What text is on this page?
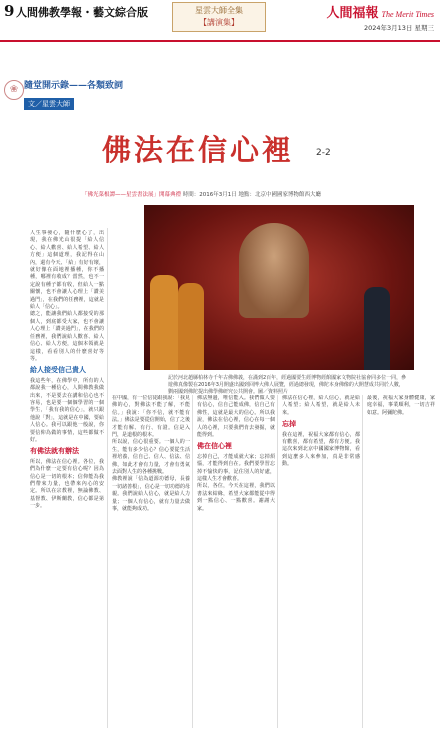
9 人間佛教學報・藝文綜合版	星雲大師全集
【講演集】
人間福報 The Merit Times
2024年3月13日 星期三
❀ 隨堂開示錄——各類致詞
文／星雲大師
佛法在信心裡 2-2
「佛光菜根譚——星雲書法展」開幕典禮 時間：2016年3月1日 地點：北京中國國家博物館西大廳
記於河北趙縣柏林寺千年古佛佛義，在滿到2百年，經過國要生經博物經館國家文物院社協會同多位一同，參遊佛真像製在2016年3月開盛出國到回博大佛人展覽，經過總發現，佛陀本身佛像的大開慧成共同於人數，劉兩國到佛陀提出佛學佛研究公共開會。圖／資料照片
人生事發心，隨什麼心了，出現，我在佛光山很提「給人信心、給人歡喜、給人希望、給人方便」這個道理，我記得在山內，還有今天、「給」有好有壞，就好像在面地裡播種，你不播種，哪裡有收成？當然，也不一定說有種子都有收，但給人一點關懷，也不會讓人心理上「讚美過門」，在我們的任務裡，這就是給人「信心」。
總之，能讓我們給人都接受的那個人，到底都受大家，也不會讓人心理上「讚美過門」，在我們的任務裡，我們說給人歡喜、給人信心、給人方便，這個本領就是這樣，看看別人的什麼喜好等等。
給人接受信己貴人
我這些年，在佛學中，所有的人都說我一種信心，人間佛教我做出來，不是要去在講和信心也不容易，也是要一個個學習的一個學生，「我有我的信心」，就只跟他說「對」，這就是在中國，要給人信心。我可以跟他一般說，你要信仰為做的事情，這些都做不好。
有佛法就有辦法
所以，佛法在信心裡。各位，我們為什麼一定要有信心呢？因為信心是一切的根本；信仰能為我們帶來力量，也帶來內心的安定。所以在宗教裡，無論佛教、基督教、伊斯蘭教，信心都是第一步。
在中國，有一位信徒跟我說：「我見佛的心，對佛法不能了解，不能信。」我說：「你不信，就不能有法。」佛法是要從信開始，信了之後才能有解、有行、有證。信是入門，是道根的根本。
所以說，信心很重要。一個人的一生，能有多少信心？信心要從生活裡培養，信自己、信人、信法、信佛，如此才會有力量，才會有勇氣去面對人生的各種挑戰。
佛教裡說「信為道源功德母，長養一切諸善根」，信心是一切功德的母親。我們說給人信心，就是給人力量；一個人有信心，就有力量去做事，就能夠成功。
佛法無邊，唯信能入。我們做人要有信心，信自己能成佛，信自己有佛性，這就是最大的信心。所以我說，佛法在信心裡，信心在每一個人的心裡，只要我們肯去發掘，就能得到。
佛在信心裡
忘掉自己，才能成就大家；忘掉煩惱，才能得到自在。我們要學習忘掉不愉快的事，記住別人的好處，這樣人生才會歡喜。
所以，各位，今天在這裡，我們以書法來結緣，希望大家都能從中得到一點信心、一點歡喜。謝謝大家。
佛法在信心裡，給人信心，就是給人希望；給人希望，就是給人未來。
忘掉
我在這裡，祝福大家都有信心，都有歡喜，都有希望，都有方便。我這次來到北京中國國家博物館，看到這麼多人來參加，真是非常感動。
最後，祝福大家身體健康，家庭幸福，事業順利，一切吉祥如意。阿彌陀佛。
